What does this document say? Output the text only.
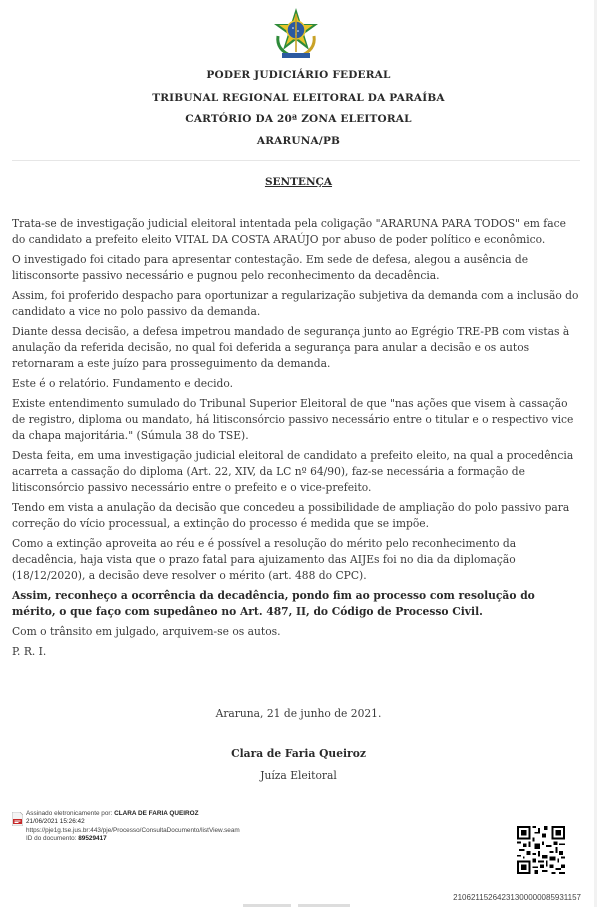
PODER JUDICIÁRIO FEDERAL
TRIBUNAL REGIONAL ELEITORAL DA PARAÍBA
CARTÓRIO DA 20ª ZONA ELEITORAL
ARARUNA/PB
SENTENÇA

Trata-se de investigação judicial eleitoral intentada pela coligação "ARARUNA PARA TODOS" em face do candidato a prefeito eleito VITAL DA COSTA ARAÚJO por abuso de poder político e econômico.

O investigado foi citado para apresentar contestação. Em sede de defesa, alegou a ausência de litisconsorte passivo necessário e pugnou pelo reconhecimento da decadência.

Assim, foi proferido despacho para oportunizar a regularização subjetiva da demanda com a inclusão do candidato a vice no polo passivo da demanda.

Diante dessa decisão, a defesa impetrou mandado de segurança junto ao Egrégio TRE-PB com vistas à anulação da referida decisão, no qual foi deferida a segurança para anular a decisão e os autos retornaram a este juízo para prosseguimento da demanda.

Este é o relatório. Fundamento e decido.

Existe entendimento sumulado do Tribunal Superior Eleitoral de que "nas ações que visem à cassação de registro, diploma ou mandato, há litisconsórcio passivo necessário entre o titular e o respectivo vice da chapa majoritária." (Súmula 38 do TSE).

Desta feita, em uma investigação judicial eleitoral de candidato a prefeito eleito, na qual a procedência acarreta a cassação do diploma (Art. 22, XIV, da LC nº 64/90), faz-se necessária a formação de litisconsórcio passivo necessário entre o prefeito e o vice-prefeito.

Tendo em vista a anulação da decisão que concedeu a possibilidade de ampliação do polo passivo para correção do vício processual, a extinção do processo é medida que se impõe.

Como a extinção aproveita ao réu e é possível a resolução do mérito pelo reconhecimento da decadência, haja vista que o prazo fatal para ajuizamento das AIJEs foi no dia da diplomação (18/12/2020), a decisão deve resolver o mérito (art. 488 do CPC).

Assim, reconheço a ocorrência da decadência, pondo fim ao processo com resolução do mérito, o que faço com supedâneo no Art. 487, II, do Código de Processo Civil.

Com o trânsito em julgado, arquivem-se os autos.

P. R. I.

Araruna, 21 de junho de 2021.
Clara de Faria Queiroz
Juíza Eleitoral
Assinado eletronicamente por: CLARA DE FARIA QUEIROZ
21/06/2021 15:26:42
https://pje1g.tse.jus.br:443/pje/Processo/ConsultaDocumento/listView.seam
ID do documento: 89529417
21062115264231300000085931157
